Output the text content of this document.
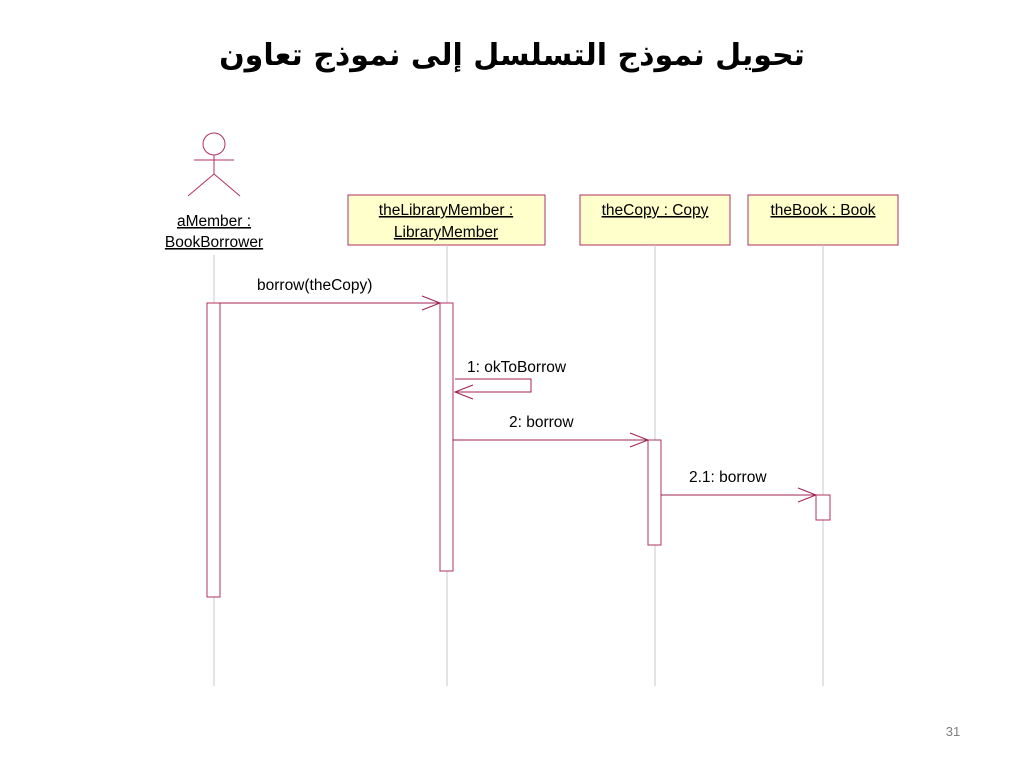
تحويل نموذج التسلسل إلى نموذج تعاون
aMember :
BookBorrower
theLibraryMember :
LibraryMember
theCopy : Copy	theBook : Book
borrow(theCopy)
1: okToBorrow
2: borrow
2.1: borrow
31
